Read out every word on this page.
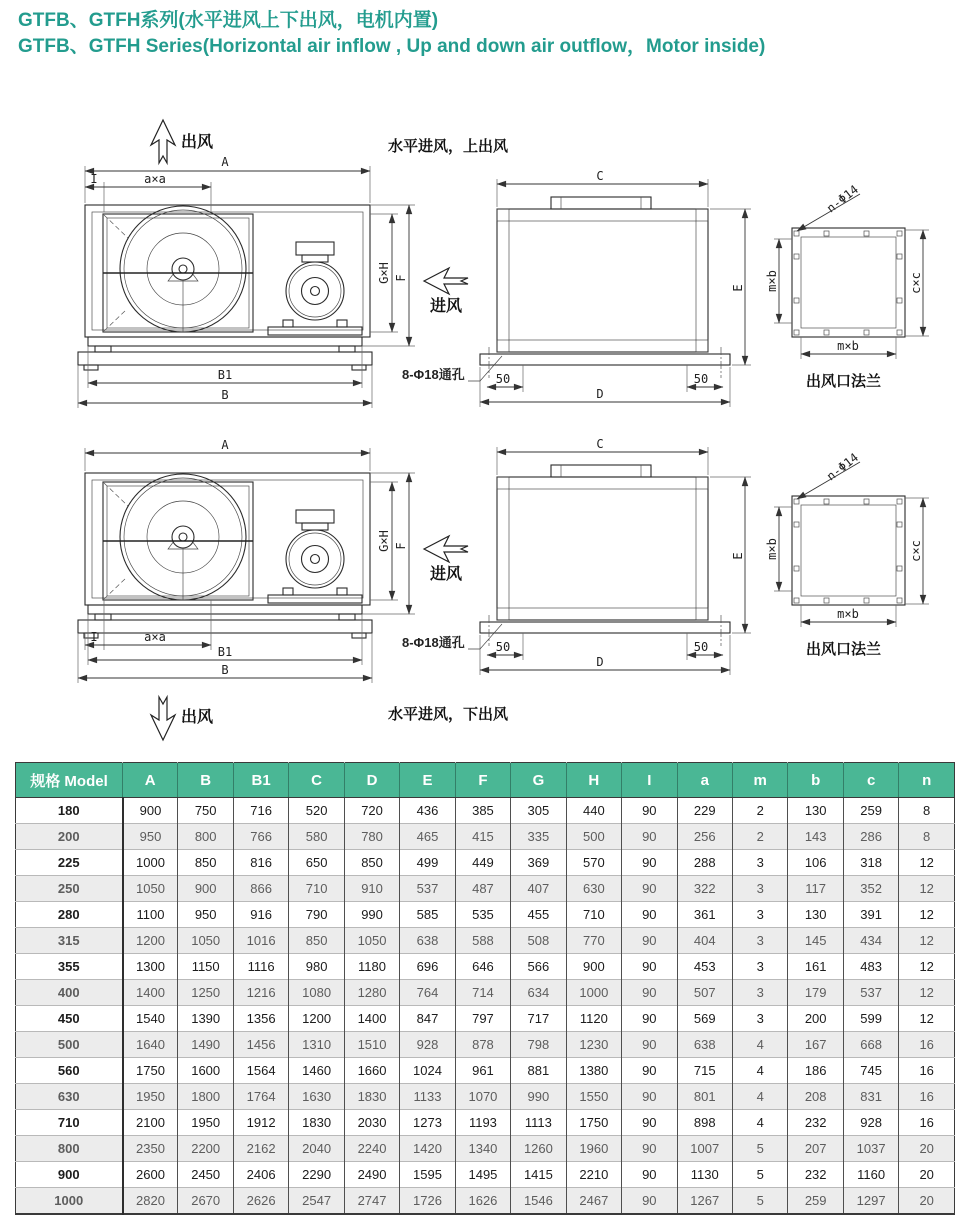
GTFB、GTFH系列(水平进风上下出风，电机内置)
GTFB、GTFH Series(Horizontal air inflow , Up and down air outflow，Motor inside)
A
I	a×a
G×H F
B1
B
出风
进风
水平进风，上出风
C
E
50	50
D
8-Φ18通孔
n-Φ14
m×b	c×c
m×b
出风口法兰
A
G×H F
I	a×a
B1
B
出风
进风
水平进风，下出风
C
E
50	50
D
8-Φ18通孔
n-Φ14
m×b	c×c
m×b
出风口法兰
规格 Model	A	B	B1	C	D	E	F	G	H	I	a	m	b	c	n
180	900	750	716	520	720	436	385	305	440	90	229	2	130	259	8
200	950	800	766	580	780	465	415	335	500	90	256	2	143	286	8
225	1000	850	816	650	850	499	449	369	570	90	288	3	106	318	12
250	1050	900	866	710	910	537	487	407	630	90	322	3	117	352	12
280	1100	950	916	790	990	585	535	455	710	90	361	3	130	391	12
315	1200	1050	1016	850	1050	638	588	508	770	90	404	3	145	434	12
355	1300	1150	1116	980	1180	696	646	566	900	90	453	3	161	483	12
400	1400	1250	1216	1080	1280	764	714	634	1000	90	507	3	179	537	12
450	1540	1390	1356	1200	1400	847	797	717	1120	90	569	3	200	599	12
500	1640	1490	1456	1310	1510	928	878	798	1230	90	638	4	167	668	16
560	1750	1600	1564	1460	1660	1024	961	881	1380	90	715	4	186	745	16
630	1950	1800	1764	1630	1830	1133	1070	990	1550	90	801	4	208	831	16
710	2100	1950	1912	1830	2030	1273	1193	1113	1750	90	898	4	232	928	16
800	2350	2200	2162	2040	2240	1420	1340	1260	1960	90	1007	5	207	1037	20
900	2600	2450	2406	2290	2490	1595	1495	1415	2210	90	1130	5	232	1160	20
1000	2820	2670	2626	2547	2747	1726	1626	1546	2467	90	1267	5	259	1297	20
